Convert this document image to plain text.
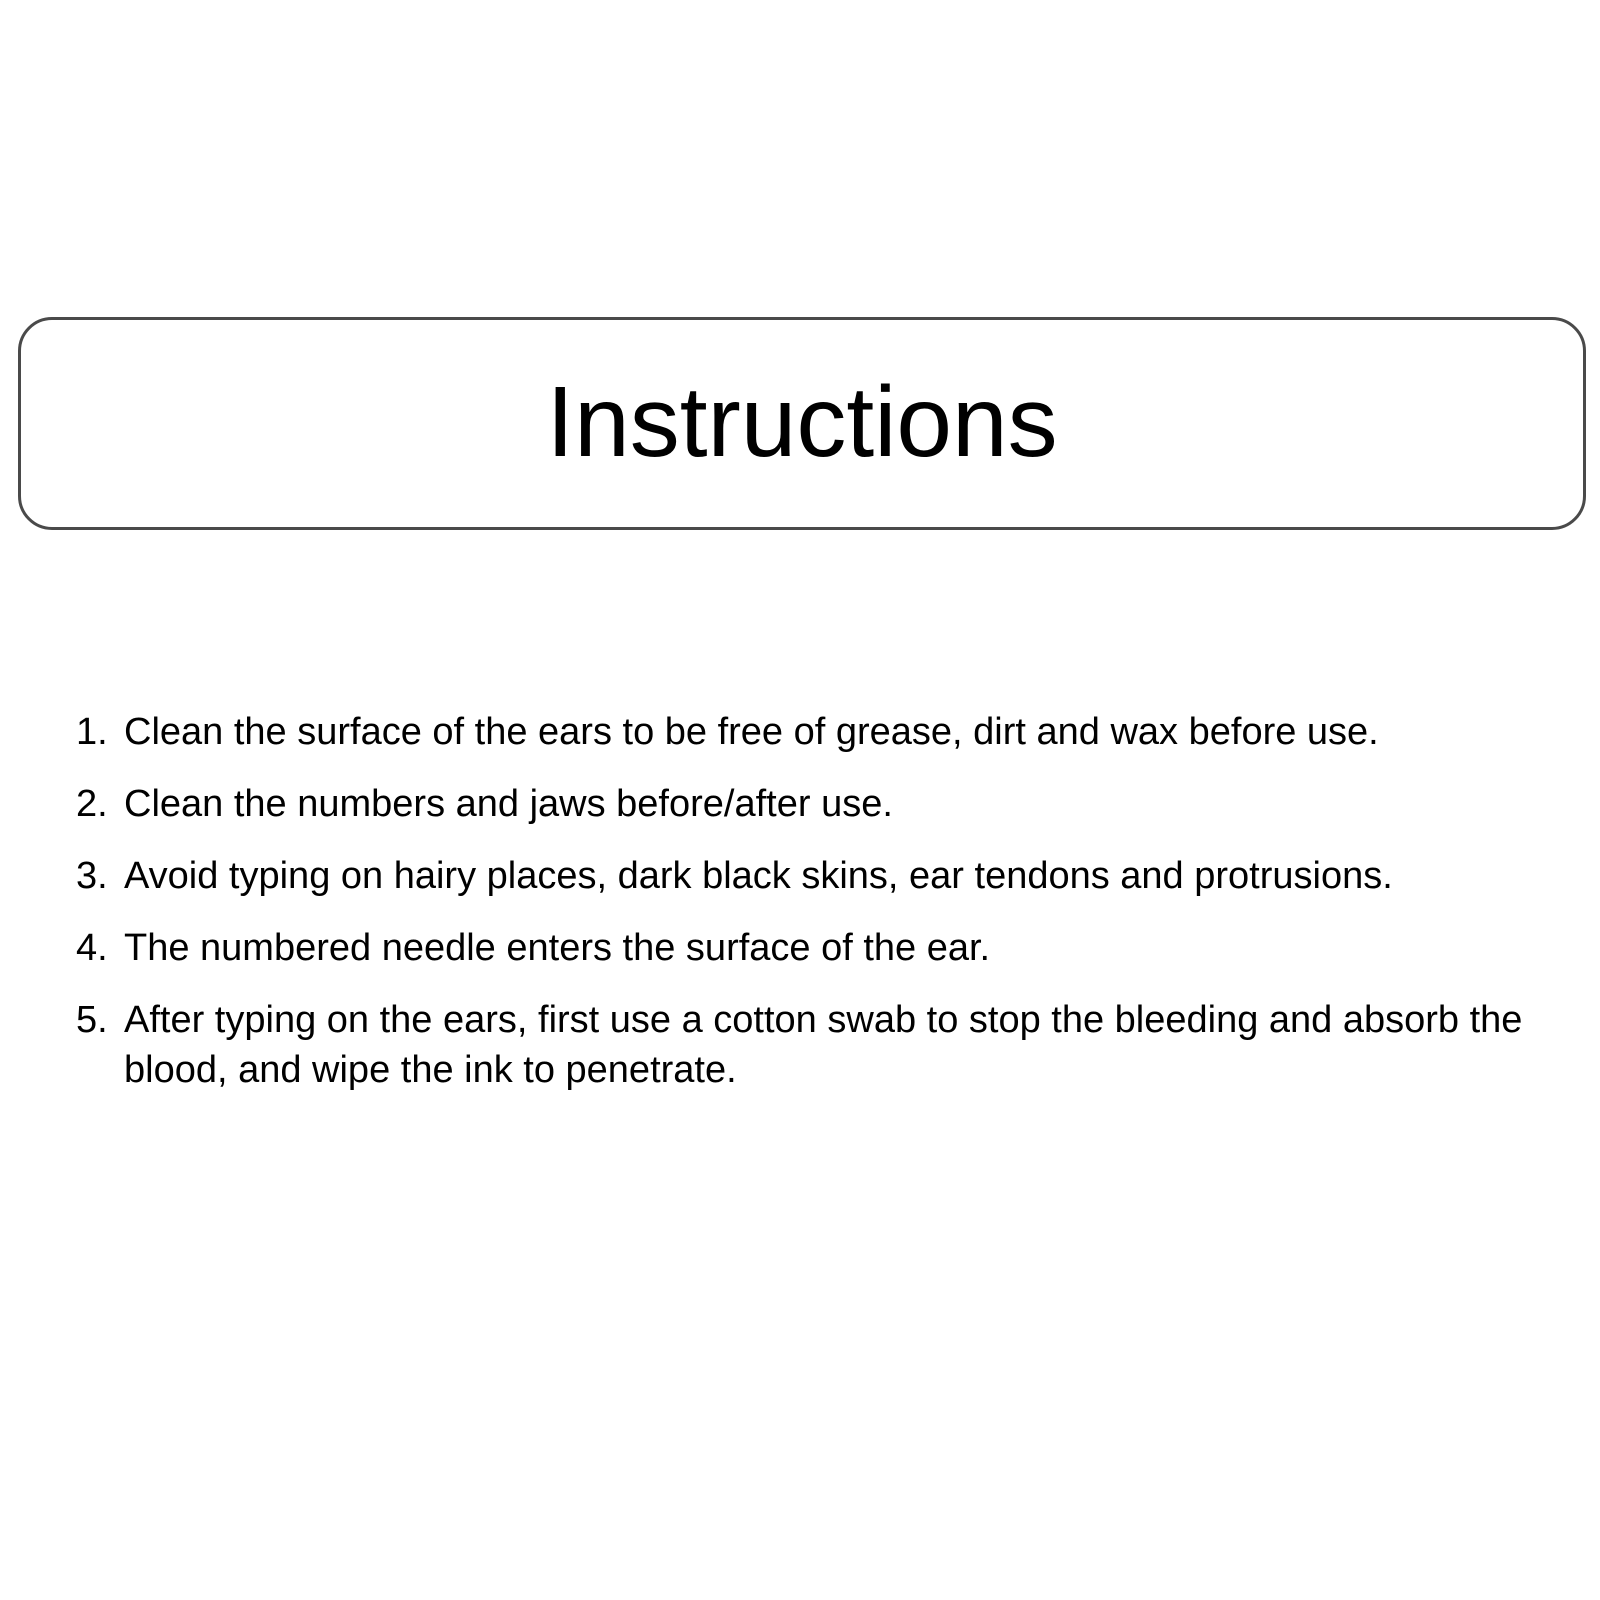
Instructions
1. Clean the surface of the ears to be free of grease, dirt and wax before use.
2. Clean the numbers and jaws before/after use.
3. Avoid typing on hairy places, dark black skins, ear tendons and protrusions.
4. The numbered needle enters the surface of the ear.
5. After typing on the ears, first use a cotton swab to stop the bleeding and absorb the blood, and wipe the ink to penetrate.
